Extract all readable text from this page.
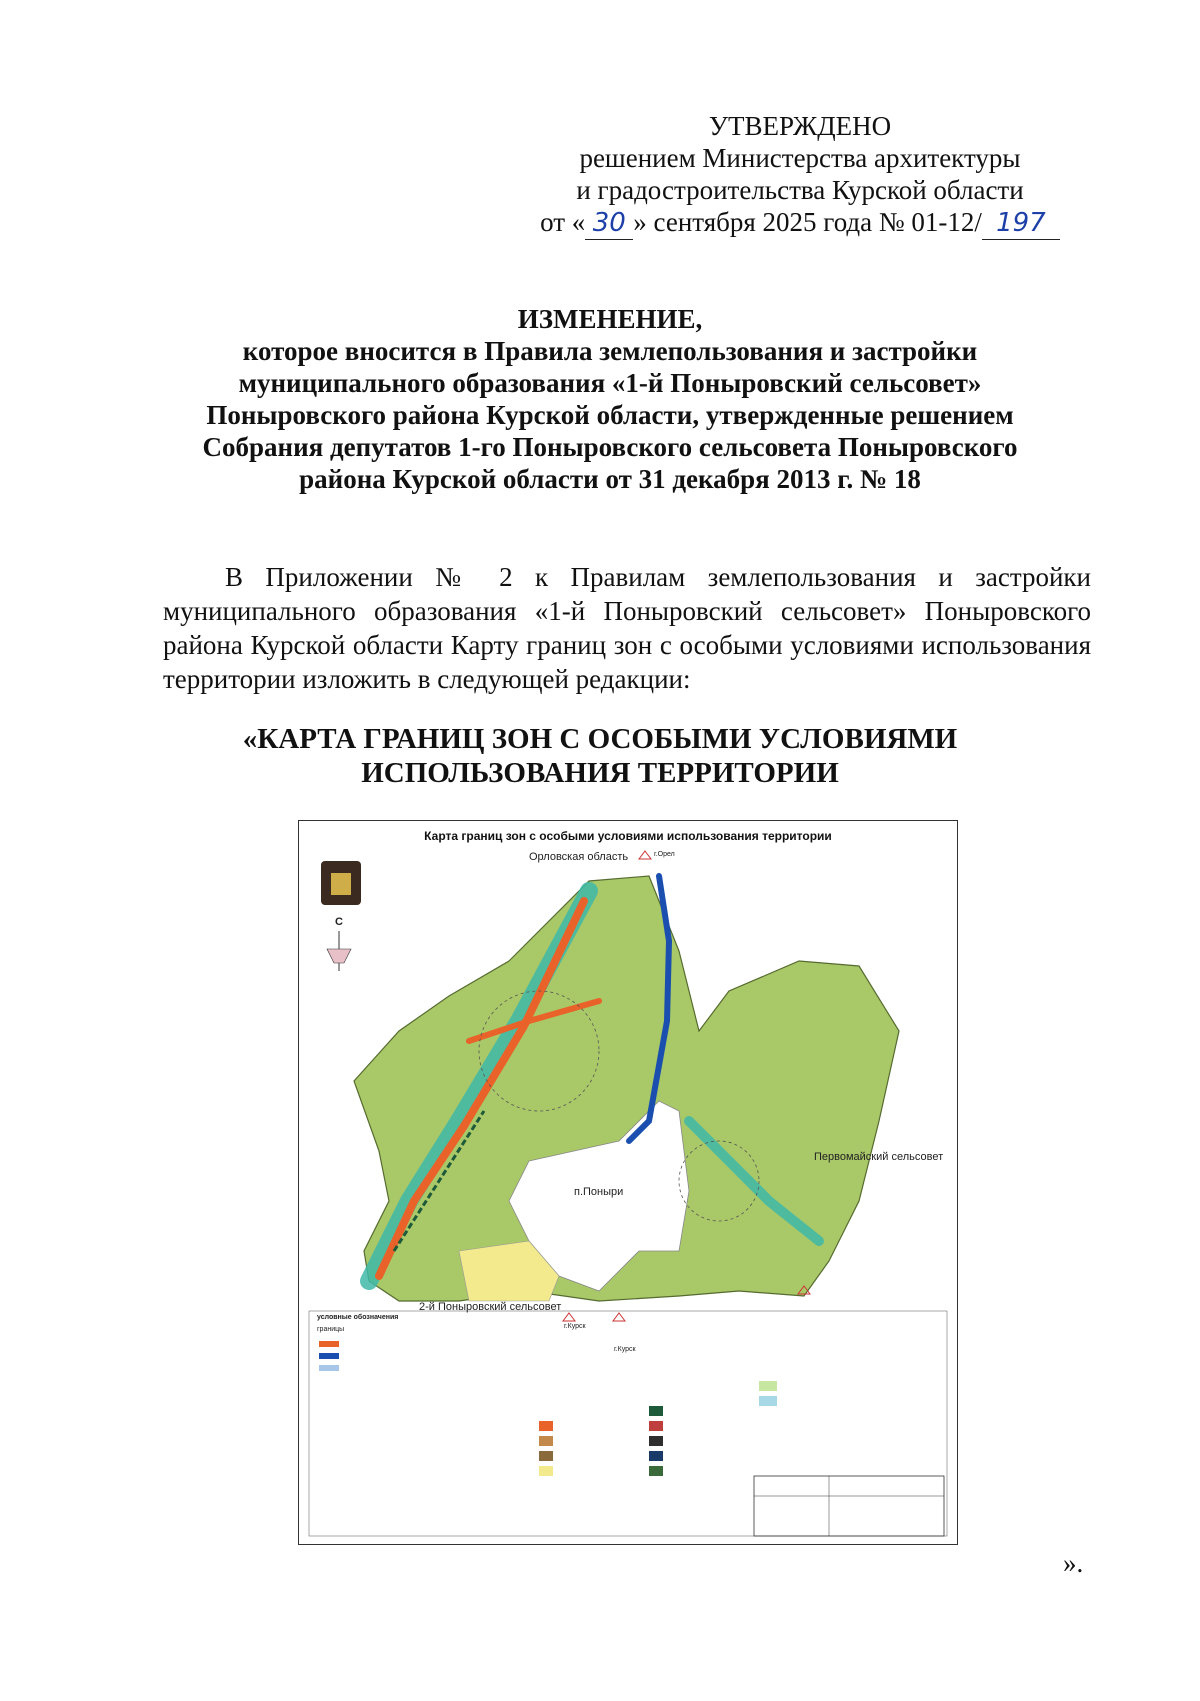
УТВЕРЖДЕНО
решением Министерства архитектуры
и градостроительства Курской области
от « 30 » сентября 2025 года № 01-12/ 197
ИЗМЕНЕНИЕ,
которое вносится в Правила землепользования и застройки
муниципального образования «1-й Поныровский сельсовет»
Поныровского района Курской области, утвержденные решением
Собрания депутатов 1-го Поныровского сельсовета Поныровского
района Курской области от 31 декабря 2013 г. № 18
В Приложении № 2 к Правилам землепользования и застройки муниципального образования «1-й Поныровский сельсовет» Поныровского района Курской области Карту границ зон с особыми условиями использования территории изложить в следующей редакции:
«КАРТА ГРАНИЦ ЗОН С ОСОБЫМИ УСЛОВИЯМИ
ИСПОЛЬЗОВАНИЯ ТЕРРИТОРИИ
Карта границ зон с особыми условиями использования территории
Орловская область	г.Орел
С
п.Поныри
Первомайский сельсовет
2-й Поныровский сельсовет
г.Курск
г.Курск
условные обозначения
границы
».
